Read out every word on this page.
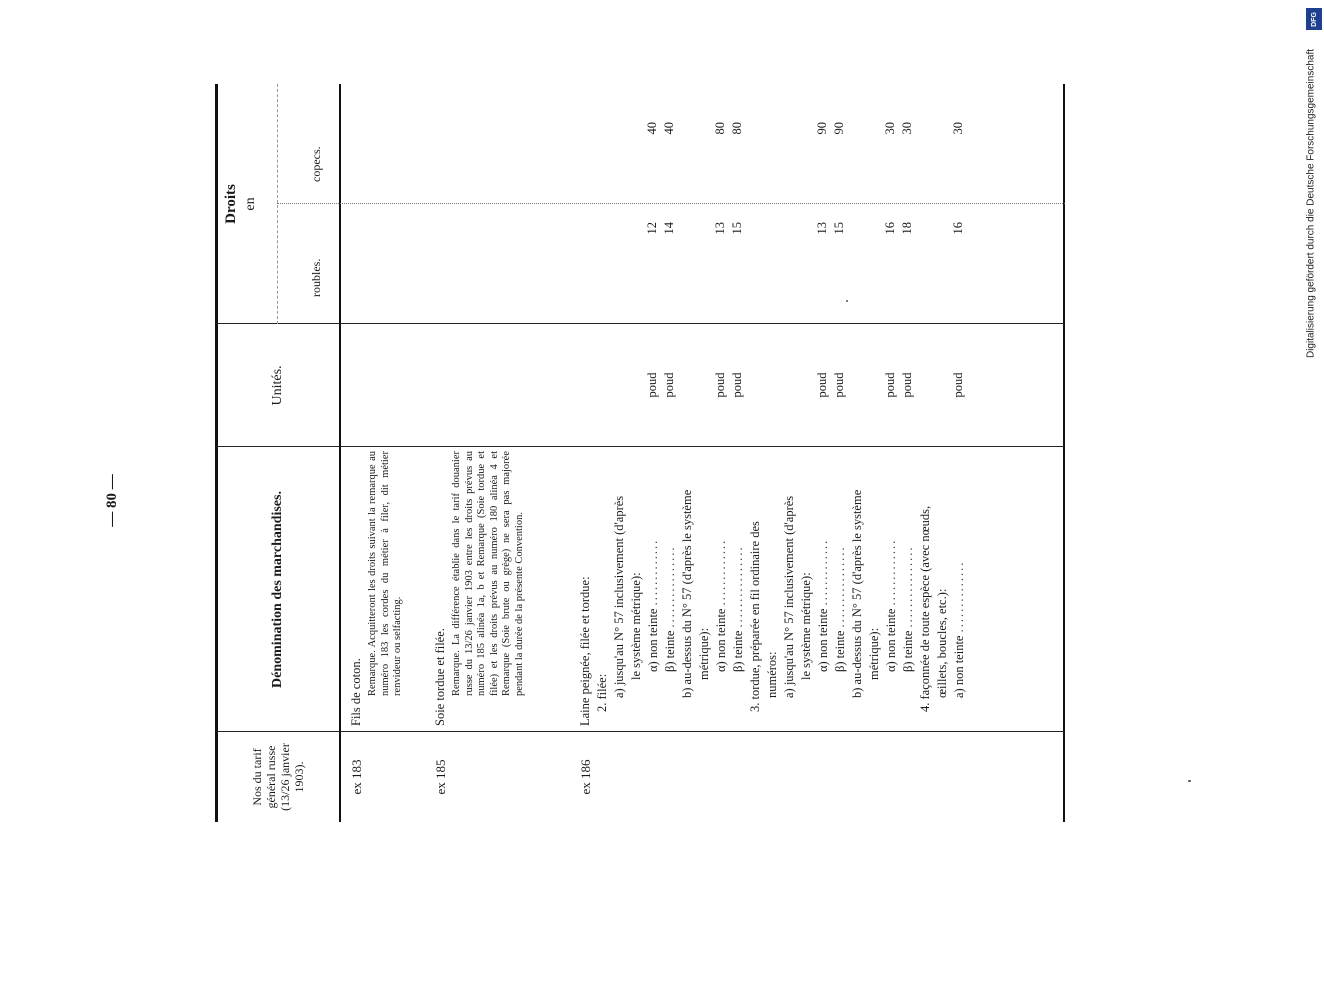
— 80 —
Nos du tarif général russe (13/26 janvier 1903).
Dénomination des marchandises.
Unités.
Droits en
roubles.
copecs.
ex 183
Fils de coton. Remarque. Acquitteront les droits suivant la remarque au numéro 183 les cordes du métier à filer, dit métier renvideur ou selfacting.
ex 185
Soie tordue et filée. Remarque. La différence établie dans le tarif douanier russe du 13/26 janvier 1903 entre les droits prévus au numéro 185 alinéa 1a, b et Remarque (Soie tordue et filée) et les droits prévus au numéro 180 alinéa 4 et Remarque (Soie brute ou grège) ne sera pas majorée pendant la durée de la présente Convention.
ex 186
Laine peignée, filée et tordue: 2. filée: a) jusqu'au N° 57 inclusivement (d'après le système métrique): α) non teinte .............
poud
12
40
β) teinte ................
poud
14
40
b) au-dessus du N° 57 (d'après le système métrique): α) non teinte .............
poud
13
80
β) teinte ................
poud
15
80
3. tordue, préparée en fil ordinaire des numéros: a) jusqu'au N° 57 inclusivement (d'après le système métrique): α) non teinte .............
poud
13
90
β) teinte ................
poud
15
90
b) au-dessus du N° 57 (d'après le système métrique): α) non teinte .............
poud
16
30
β) teinte ................
poud
18
30
4. façonnée de toute espèce (avec nœuds, œillets, boucles, etc.): a) non teinte ..............
poud
16
30
DFG
Digitalisierung gefördert durch die Deutsche Forschungsgemeinschaft
